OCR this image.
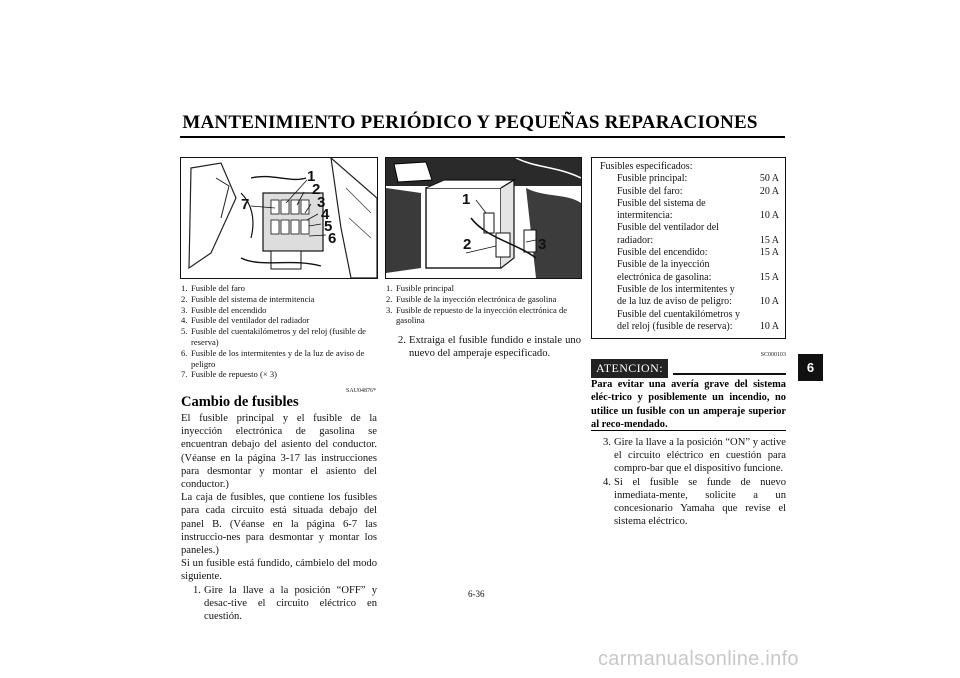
MANTENIMIENTO PERIÓDICO Y PEQUEÑAS REPARACIONES
6
1
2
3
4
5
6
7
1. Fusible del faro
2. Fusible del sistema de intermitencia
3. Fusible del encendido
4. Fusible del ventilador del radiador
5. Fusible del cuentakilómetros y del reloj (fusible de reserva)
6. Fusible de los intermitentes y de la luz de aviso de peligro
7. Fusible de repuesto (× 3)
SAU04876*
Cambio de fusibles

El fusible principal y el fusible de la inyección electrónica de gasolina se encuentran debajo del asiento del conductor. (Véanse en la página 3-17 las instrucciones para desmontar y montar el asiento del conductor.)

La caja de fusibles, que contiene los fusibles para cada circuito está situada debajo del panel B. (Véanse en la página 6-7 las instruccio-nes para desmontar y montar los paneles.)

Si un fusible está fundido, cámbielo del modo siguiente.

1. Gire la llave a la posición “OFF” y desac-tive el circuito eléctrico en cuestión.
1
2	3
1. Fusible principal
2. Fusible de la inyección electrónica de gasolina
3. Fusible de repuesto de la inyección electrónica de gasolina
2. Extraiga el fusible fundido e instale uno nuevo del amperaje especificado.
Fusibles especificados:
Fusible principal:	50 A
Fusible del faro:	20 A
Fusible del sistema de intermitencia:	10 A
Fusible del ventilador del radiador:	15 A
Fusible del encendido:	15 A
Fusible de la inyección electrónica de gasolina:	15 A
Fusible de los intermitentes y de la luz de aviso de peligro:	10 A
Fusible del cuentakilómetros y del reloj (fusible de reserva):	10 A
SC000103
ATENCION:
Para evitar una avería grave del sistema eléc-trico y posiblemente un incendio, no utilice un fusible con un amperaje superior al reco-mendado.
3. Gire la llave a la posición “ON” y active el circuito eléctrico en cuestión para compro-bar que el dispositivo funcione.
4. Si el fusible se funde de nuevo inmediata-mente, solicite a un concesionario Yamaha que revise el sistema eléctrico.
6-36
carmanualsonline.info
